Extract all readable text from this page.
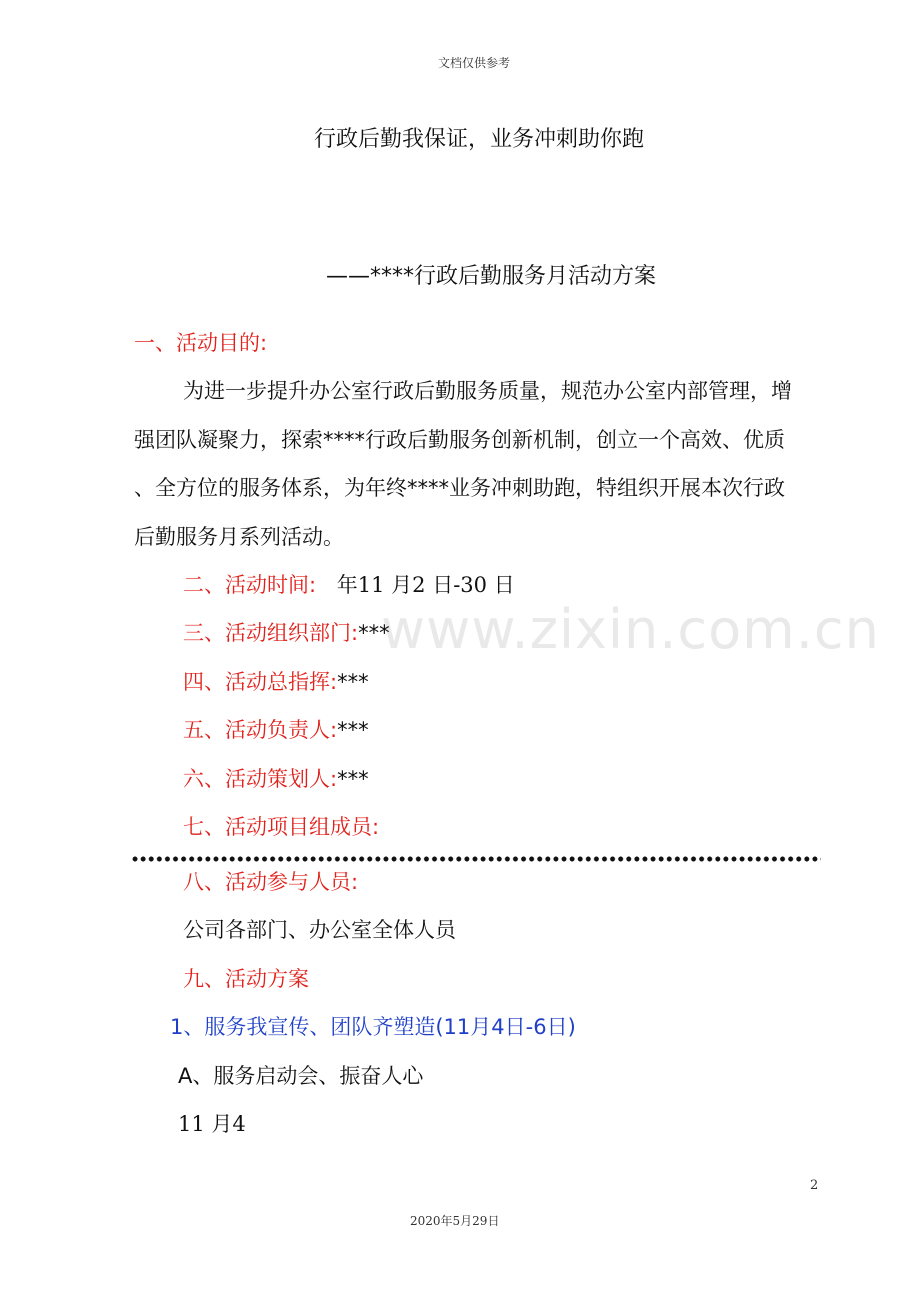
文档仅供参考
行政后勤我保证，业务冲刺助你跑
——****行政后勤服务月活动方案
一、活动目的:
为进一步提升办公室行政后勤服务质量，规范办公室内部管理，增
强团队凝聚力，探索****行政后勤服务创新机制，创立一个高效、优质
、全方位的服务体系，为年终****业务冲刺助跑，特组织开展本次行政
后勤服务月系列活动。
www.zixin.com.cn
二、活动时间: 年11 月2 日-30 日
三、活动组织部门:***
四、活动总指挥:***
五、活动负责人:***
六、活动策划人:***
七、活动项目组成员:
八、活动参与人员:
公司各部门、办公室全体人员
九、活动方案
1、服务我宣传、团队齐塑造(11月4日-6日)
A、服务启动会、振奋人心
11 月4
2
2020年5月29日
